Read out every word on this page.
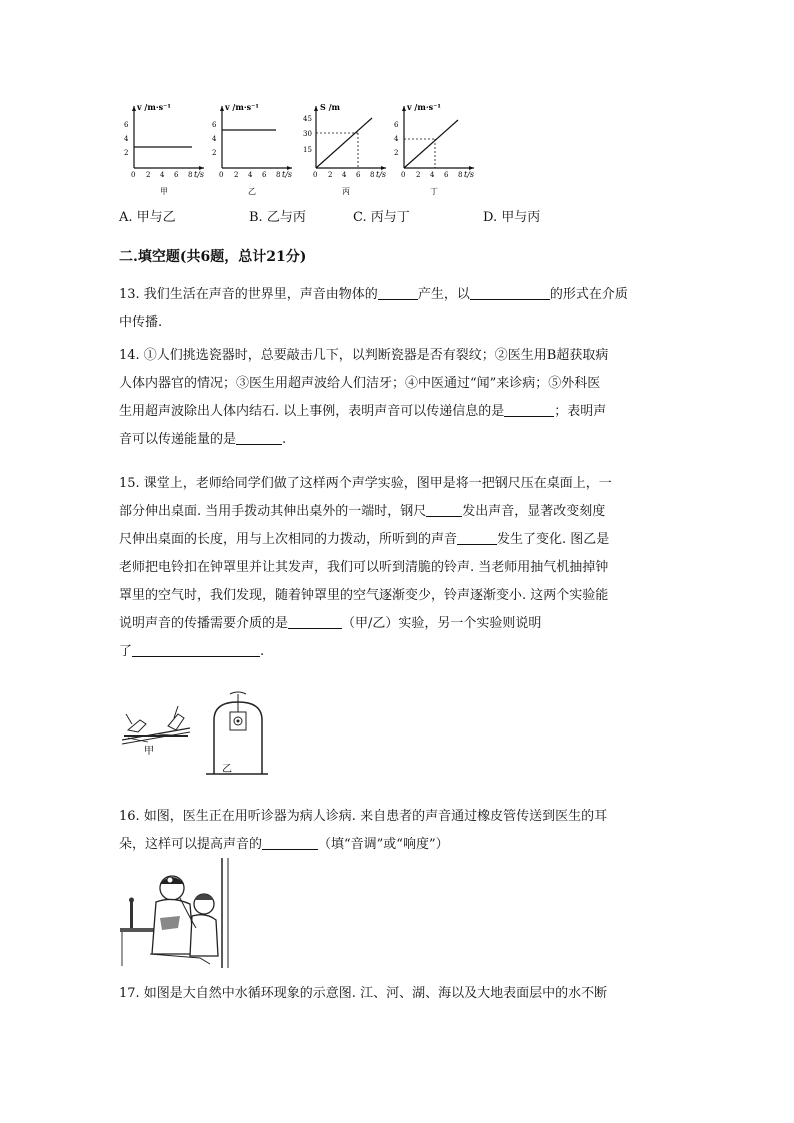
v /m·s⁻¹
6
4
2
0 2 4 6 8 t/s
甲
v /m·s⁻¹
6
4
2
0 2 4 6 8 t/s
乙
S /m
45
30
15
0 2 4 6 8 t/s
丙
v /m·s⁻¹
6
4
2
0 2 4 6 8 t/s
丁
A. 甲与乙	B. 乙与丙	C. 丙与丁	D. 甲与丙
二.填空题(共6题，总计21分)
13. 我们生活在声音的世界里，声音由物体的	产生，以	的形式在介质
中传播.
14. ①人们挑选瓷器时，总要敲击几下，以判断瓷器是否有裂纹；②医生用B超获取病
人体内器官的情况；③医生用超声波给人们洁牙；④中医通过“闻”来诊病；⑤外科医
生用超声波除出人体内结石. 以上事例，表明声音可以传递信息的是	；表明声
音可以传递能量的是	.
15. 课堂上，老师给同学们做了这样两个声学实验，图甲是将一把钢尺压在桌面上，一
部分伸出桌面. 当用手拨动其伸出桌外的一端时，钢尺	发出声音，显著改变刻度
尺伸出桌面的长度，用与上次相同的力拨动，所听到的声音	发生了变化. 图乙是
老师把电铃扣在钟罩里并让其发声，我们可以听到清脆的铃声. 当老师用抽气机抽掉钟
罩里的空气时，我们发现，随着钟罩里的空气逐渐变少，铃声逐渐变小. 这两个实验能
说明声音的传播需要介质的是	（甲/乙）实验，另一个实验则说明
了	.
甲
乙
16. 如图，医生正在用听诊器为病人诊病. 来自患者的声音通过橡皮管传送到医生的耳
朵，这样可以提高声音的	（填“音调”或“响度”）
17. 如图是大自然中水循环现象的示意图. 江、河、湖、海以及大地表面层中的水不断
